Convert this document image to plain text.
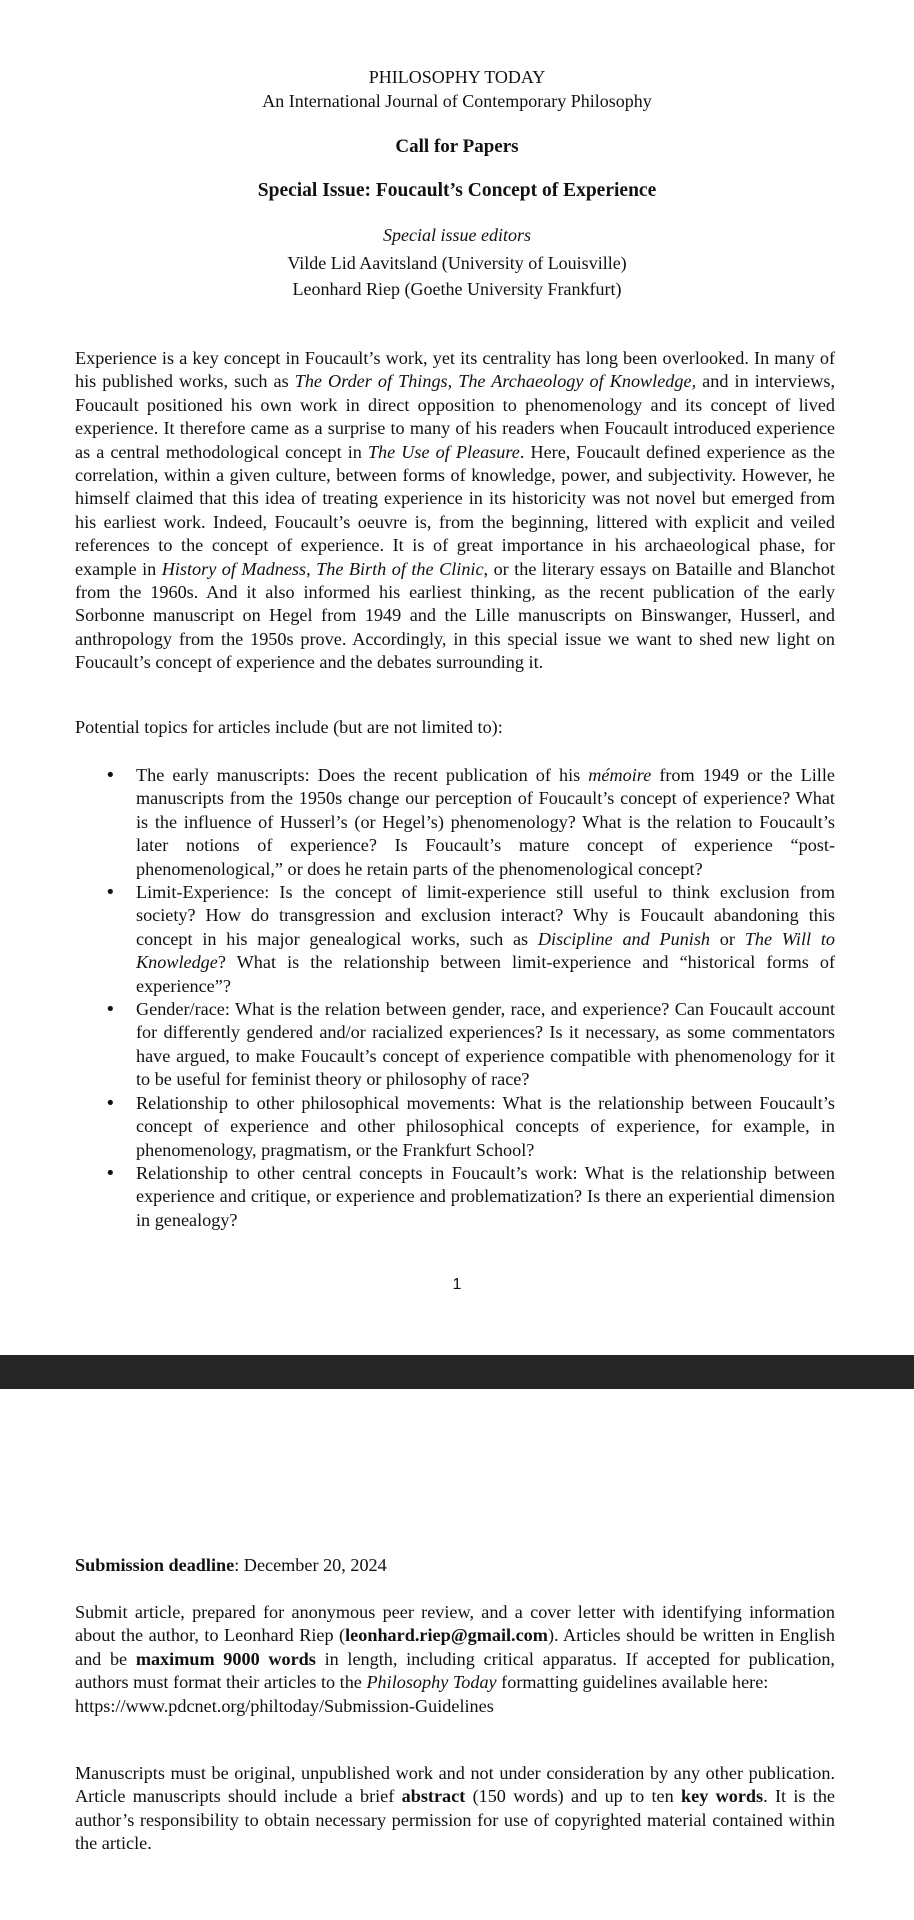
PHILOSOPHY TODAY
An International Journal of Contemporary Philosophy
Call for Papers
Special Issue: Foucault’s Concept of Experience
Special issue editors
Vilde Lid Aavitsland (University of Louisville)
Leonhard Riep (Goethe University Frankfurt)

Experience is a key concept in Foucault’s work, yet its centrality has long been overlooked. In many of his published works, such as The Order of Things, The Archaeology of Knowledge, and in interviews, Foucault positioned his own work in direct opposition to phenomenology and its concept of lived experience. It therefore came as a surprise to many of his readers when Foucault introduced experience as a central methodological concept in The Use of Pleasure. Here, Foucault defined experience as the correlation, within a given culture, between forms of knowledge, power, and subjectivity. However, he himself claimed that this idea of treating experience in its historicity was not novel but emerged from his earliest work. Indeed, Foucault’s oeuvre is, from the beginning, littered with explicit and veiled references to the concept of experience. It is of great importance in his archaeological phase, for example in History of Madness, The Birth of the Clinic, or the literary essays on Bataille and Blanchot from the 1960s. And it also informed his earliest thinking, as the recent publication of the early Sorbonne manuscript on Hegel from 1949 and the Lille manuscripts on Binswanger, Husserl, and anthropology from the 1950s prove. Accordingly, in this special issue we want to shed new light on Foucault’s concept of experience and the debates surrounding it.

Potential topics for articles include (but are not limited to):

• The early manuscripts: Does the recent publication of his mémoire from 1949 or the Lille manuscripts from the 1950s change our perception of Foucault’s concept of experience? What is the influence of Husserl’s (or Hegel’s) phenomenology? What is the relation to Foucault’s later notions of experience? Is Foucault’s mature concept of experience “post-phenomenological,” or does he retain parts of the phenomenological concept?
• Limit-Experience: Is the concept of limit-experience still useful to think exclusion from society? How do transgression and exclusion interact? Why is Foucault abandoning this concept in his major genealogical works, such as Discipline and Punish or The Will to Knowledge? What is the relationship between limit-experience and “historical forms of experience”?
• Gender/race: What is the relation between gender, race, and experience? Can Foucault account for differently gendered and/or racialized experiences? Is it necessary, as some commentators have argued, to make Foucault’s concept of experience compatible with phenomenology for it to be useful for feminist theory or philosophy of race?
• Relationship to other philosophical movements: What is the relationship between Foucault’s concept of experience and other philosophical concepts of experience, for example, in phenomenology, pragmatism, or the Frankfurt School?
• Relationship to other central concepts in Foucault’s work: What is the relationship between experience and critique, or experience and problematization? Is there an experiential dimension in genealogy?
1

Submission deadline: December 20, 2024

Submit article, prepared for anonymous peer review, and a cover letter with identifying information about the author, to Leonhard Riep (leonhard.riep@gmail.com). Articles should be written in English and be maximum 9000 words in length, including critical apparatus. If accepted for publication, authors must format their articles to the Philosophy Today formatting guidelines available here:
https://www.pdcnet.org/philtoday/Submission-Guidelines

Manuscripts must be original, unpublished work and not under consideration by any other publication. Article manuscripts should include a brief abstract (150 words) and up to ten key words. It is the author’s responsibility to obtain necessary permission for use of copyrighted material contained within the article.
